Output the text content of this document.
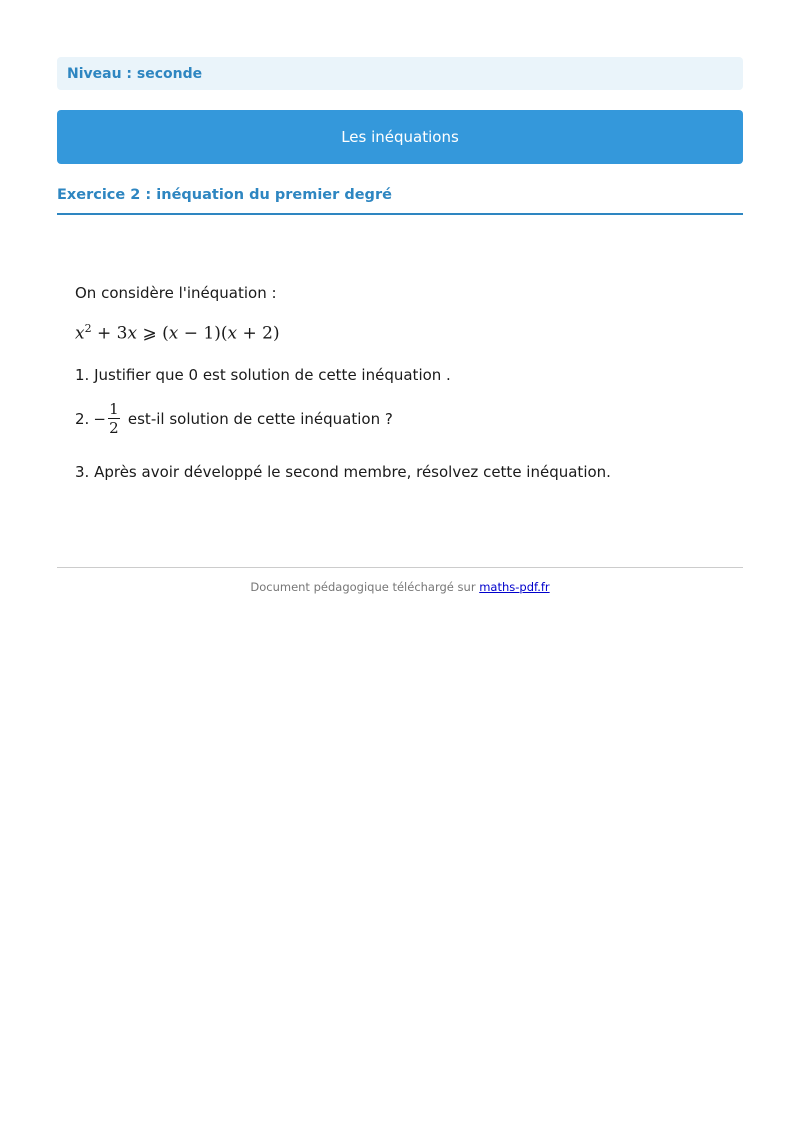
Niveau : seconde
Les inéquations
Exercice 2 : inéquation du premier degré
On considère l'inéquation :
$x^2 + 3x$ ⩾ (x − 1)(x + 2)
1. Justifier que 0 est solution de cette inéquation .
2. − $\frac{1}{2} est-il$ solution de cette inéquation ?
3. Après avoir développé le second membre, résolvez cette inéquation.
Document pédagogique téléchargé sur maths-pdf.fr
